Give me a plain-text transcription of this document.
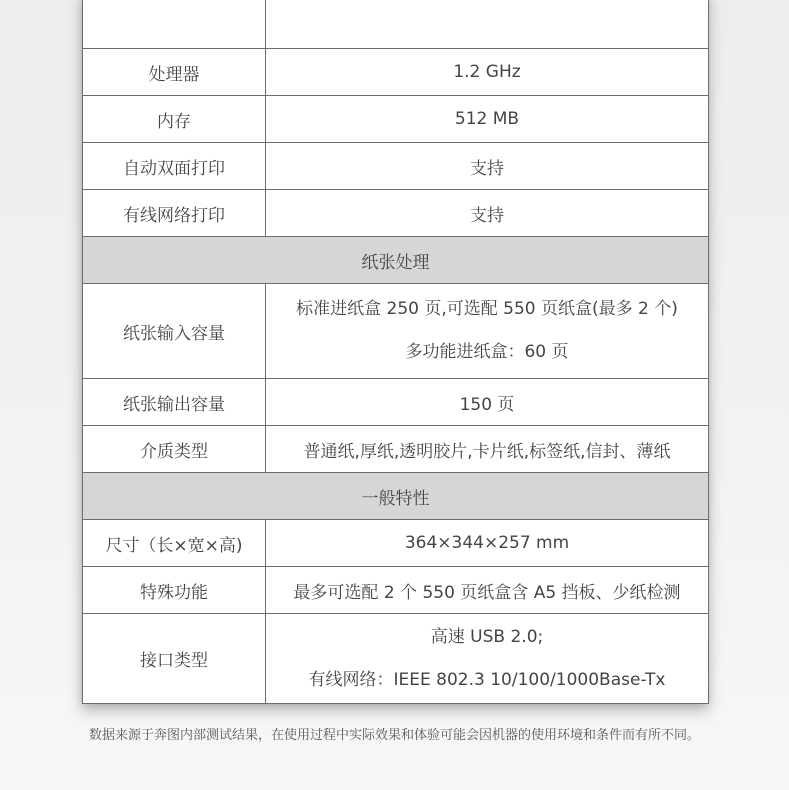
处理器	1.2 GHz
内存	512 MB
自动双面打印	支持
有线网络打印	支持
纸张处理	
纸张输入容量	标准进纸盒 250 页,可选配 550 页纸盒(最多 2 个)
多功能进纸盒：60 页

纸张输出容量	150 页
介质类型	普通纸,厚纸,透明胶片,卡片纸,标签纸,信封、薄纸
一般特性	
尺寸（长×宽×高)	364×344×257 mm
特殊功能	最多可选配 2 个 550 页纸盒含 A5 挡板、少纸检测
接口类型	高速 USB 2.0;
有线网络：IEEE 802.3 10/100/1000Base-Tx
数据来源于奔图内部测试结果，在使用过程中实际效果和体验可能会因机器的使用环境和条件而有所不同。
